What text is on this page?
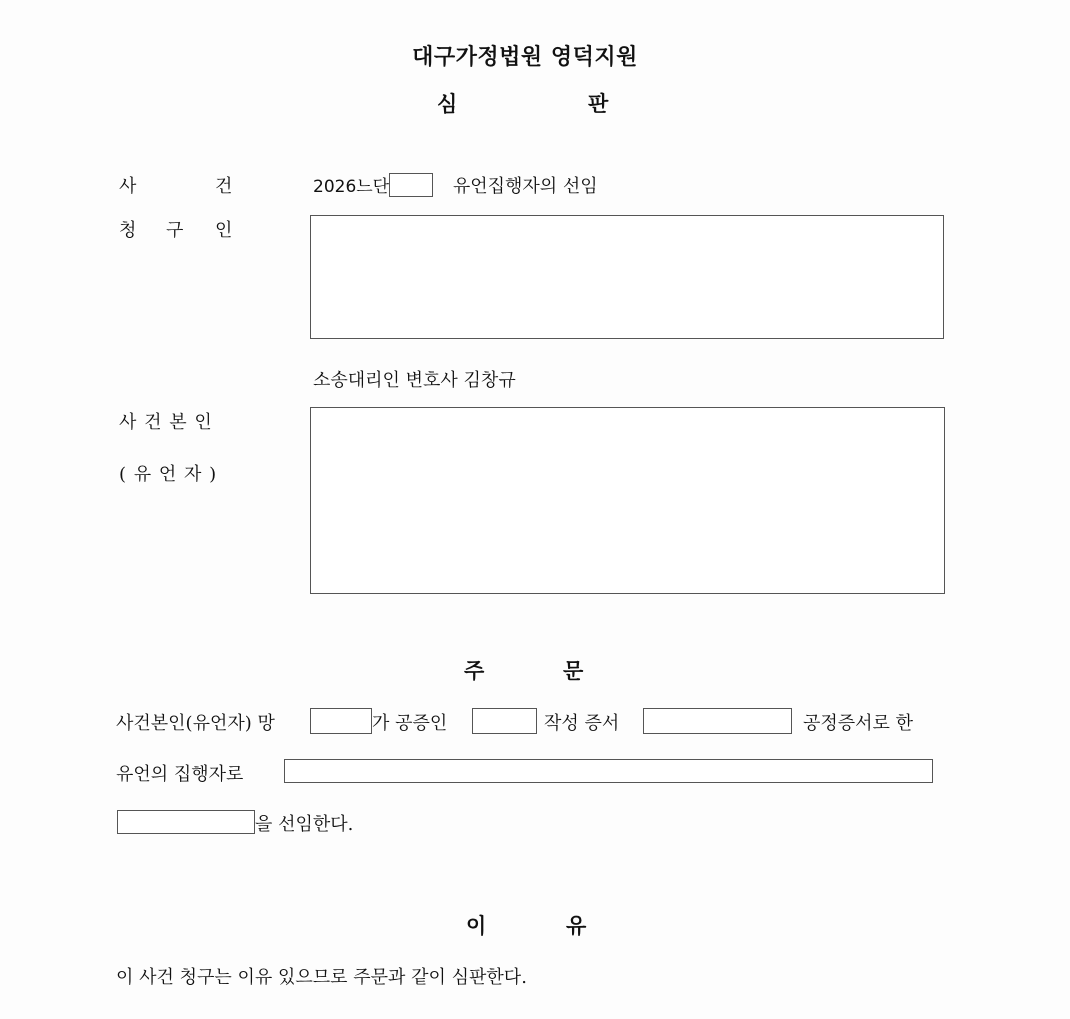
대구가정법원 영덕지원
심	판
사	건	2026느단	유언집행자의 선임
청 구 인
소송대리인 변호사 김창규
사 건 본 인
( 유 언 자 )
주	문
사건본인(유언자) 망	가 공증인	작성 증서	공정증서로 한
유언의 집행자로
을 선임한다.
이	유
이 사건 청구는 이유 있으므로 주문과 같이 심판한다.
